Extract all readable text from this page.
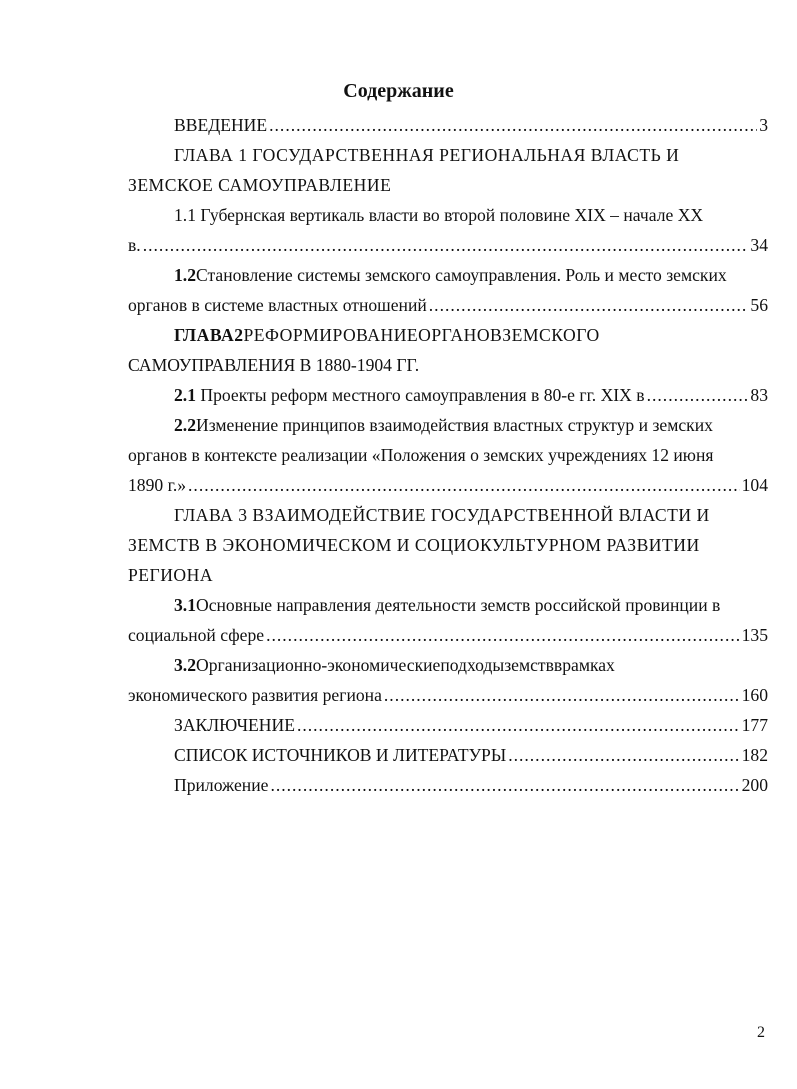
Содержание
ВВЕДЕНИЕ .....	3
ГЛАВА 1 ГОСУДАРСТВЕННАЯ РЕГИОНАЛЬНАЯ ВЛАСТЬ И
ЗЕМСКОЕ САМОУПРАВЛЕНИЕ
1.1 Губернская вертикаль власти во второй половине XIX – начале XX
в. .....	34
1.2 Становление системы земского самоуправления. Роль и место земских
органов в системе властных отношений .....	56
ГЛАВА 2 РЕФОРМИРОВАНИЕ ОРГАНОВ ЗЕМСКОГО
САМОУПРАВЛЕНИЯ В 1880-1904 ГГ.
2.1
Проекты реформ местного самоуправления в 80-е гг. XIX в .....	83
2.2 Изменение принципов взаимодействия властных структур и земских
органов в контексте реализации «Положения о земских учреждениях 12 июня
1890 г.» .....	104
ГЛАВА 3 ВЗАИМОДЕЙСТВИЕ ГОСУДАРСТВЕННОЙ ВЛАСТИ И
ЗЕМСТВ В ЭКОНОМИЧЕСКОМ И СОЦИОКУЛЬТУРНОМ РАЗВИТИИ
РЕГИОНА
3.1 Основные направления деятельности земств российской провинции в
социальной сфере .....	135
3.2 Организационно-экономические подходы земств в рамках
экономического развития региона .....	160
ЗАКЛЮЧЕНИЕ .....	177
СПИСОК ИСТОЧНИКОВ И ЛИТЕРАТУРЫ .....	182
Приложение .....	200
2
